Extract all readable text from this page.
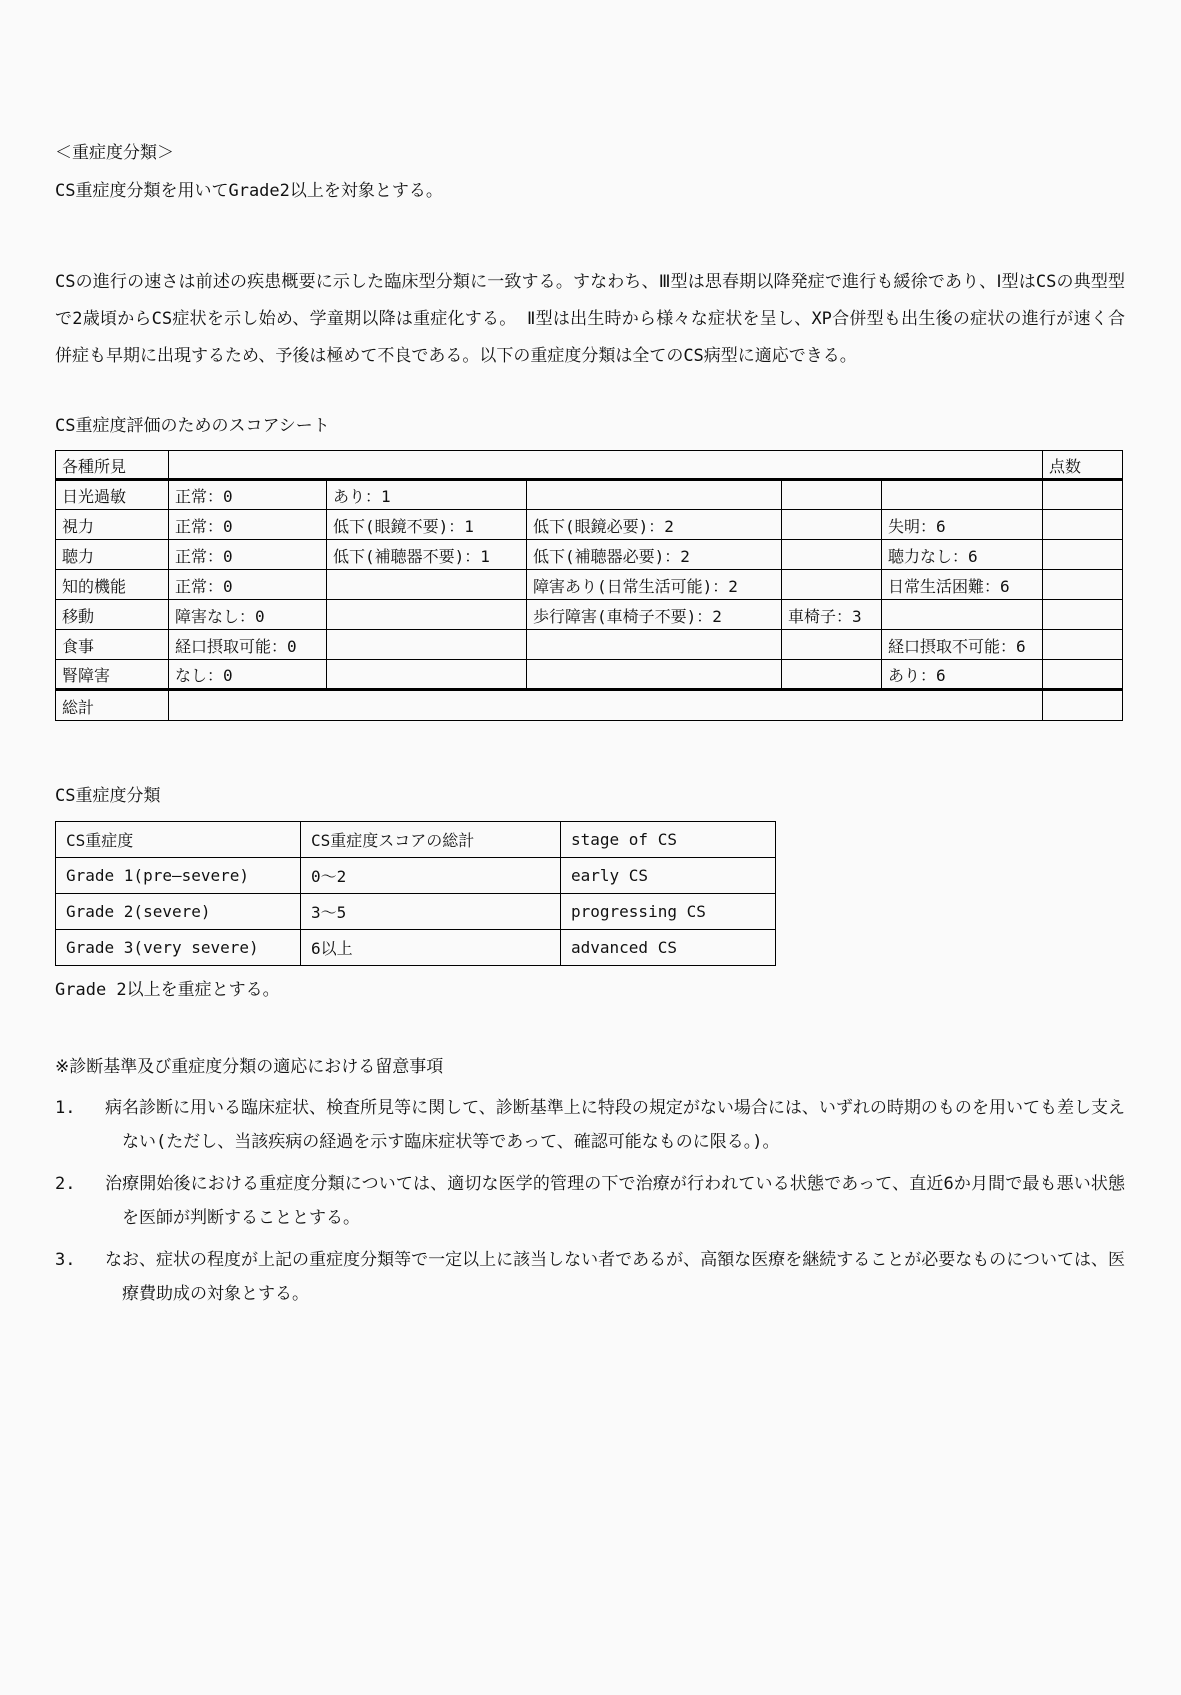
＜重症度分類＞
CS重症度分類を用いてGrade2以上を対象とする。
CSの進行の速さは前述の疾患概要に示した臨床型分類に一致する。すなわち、Ⅲ型は思春期以降発症で進行も緩徐であり、Ⅰ型はCSの典型型で2歳頃からCS症状を示し始め、学童期以降は重症化する。 Ⅱ型は出生時から様々な症状を呈し、XP合併型も出生後の症状の進行が速く合併症も早期に出現するため、予後は極めて不良である。以下の重症度分類は全てのCS病型に適応できる。
CS重症度評価のためのスコアシート
各種所見						点数
日光過敏	正常：0	あり：1				
視力	正常：0	低下(眼鏡不要)：1	低下(眼鏡必要)：2		失明：6	
聴力	正常：0	低下(補聴器不要)：1	低下(補聴器必要)：2		聴力なし：6	
知的機能	正常：0		障害あり(日常生活可能)：2		日常生活困難：6	
移動	障害なし：0		歩行障害(車椅子不要)：2	車椅子：3		
食事	経口摂取可能：0				経口摂取不可能：6	
腎障害	なし：0				あり：6	
総計						
CS重症度分類
CS重症度	CS重症度スコアの総計	stage of CS
Grade 1(pre—severe)	0～2	early CS
Grade 2(severe)	3～5	progressing CS
Grade 3(very severe)	6以上	advanced CS
Grade 2以上を重症とする。
※診断基準及び重症度分類の適応における留意事項
1.	病名診断に用いる臨床症状、検査所見等に関して、診断基準上に特段の規定がない場合には、いずれの時期のものを用いても差し支えない(ただし、当該疾病の経過を示す臨床症状等であって、確認可能なものに限る。)。
2.	治療開始後における重症度分類については、適切な医学的管理の下で治療が行われている状態であって、直近6か月間で最も悪い状態を医師が判断することとする。
3.	なお、症状の程度が上記の重症度分類等で一定以上に該当しない者であるが、高額な医療を継続することが必要なものについては、医療費助成の対象とする。
